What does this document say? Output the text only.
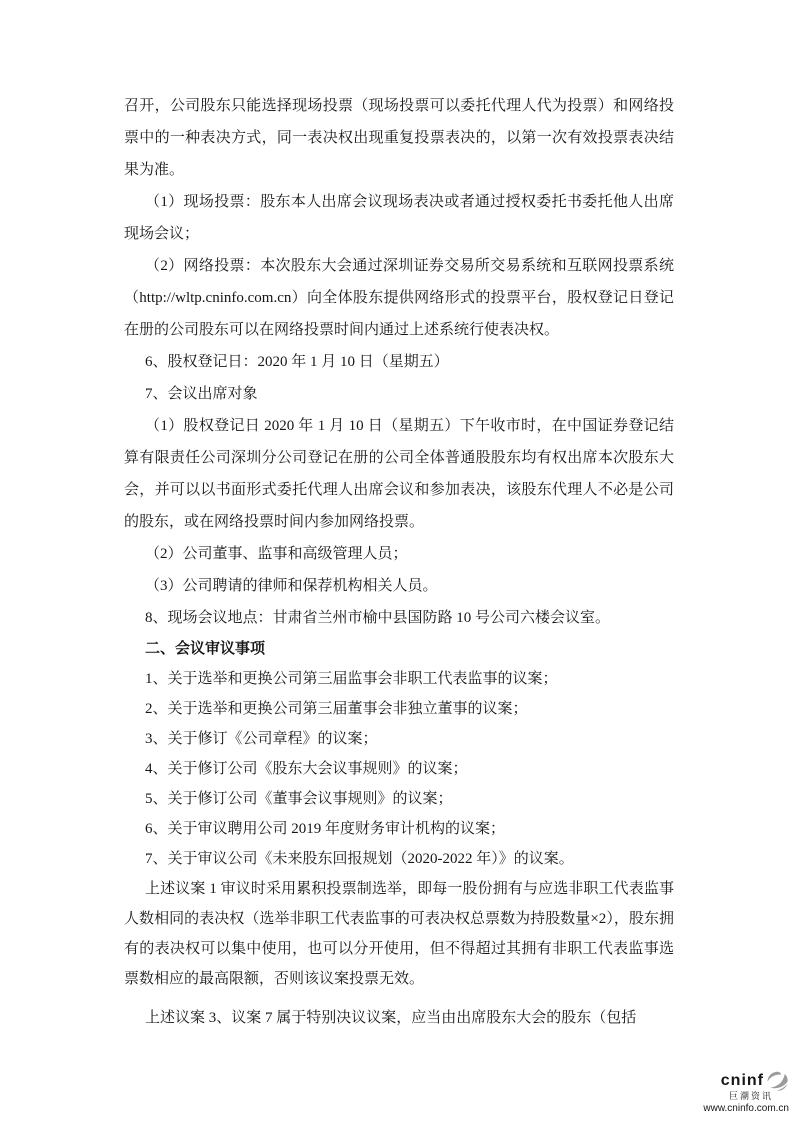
召开，公司股东只能选择现场投票（现场投票可以委托代理人代为投票）和网络投票中的一种表决方式，同一表决权出现重复投票表决的，以第一次有效投票表决结果为准。

（1）现场投票：股东本人出席会议现场表决或者通过授权委托书委托他人出席现场会议；

（2）网络投票：本次股东大会通过深圳证券交易所交易系统和互联网投票系统 （http://wltp.cninfo.com.cn）向全体股东提供网络形式的投票平台，股权登记日登记在册的公司股东可以在网络投票时间内通过上述系统行使表决权。

6、股权登记日：2020 年 1 月 10 日（星期五）

7、会议出席对象

（1）股权登记日 2020 年 1 月 10 日（星期五）下午收市时，在中国证券登记结算有限责任公司深圳分公司登记在册的公司全体普通股股东均有权出席本次股东大会，并可以以书面形式委托代理人出席会议和参加表决，该股东代理人不必是公司的股东，或在网络投票时间内参加网络投票。

（2）公司董事、监事和高级管理人员；

（3）公司聘请的律师和保荐机构相关人员。

8、现场会议地点：甘肃省兰州市榆中县国防路 10 号公司六楼会议室。

二、会议审议事项

1、关于选举和更换公司第三届监事会非职工代表监事的议案；

2、关于选举和更换公司第三届董事会非独立董事的议案；

3、关于修订《公司章程》的议案；

4、关于修订公司《股东大会议事规则》的议案；

5、关于修订公司《董事会议事规则》的议案；

6、关于审议聘用公司 2019 年度财务审计机构的议案；

7、关于审议公司《未来股东回报规划（2020-2022 年）》的议案。

上述议案 1 审议时采用累积投票制选举，即每一股份拥有与应选非职工代表监事人数相同的表决权（选举非职工代表监事的可表决权总票数为持股数量×2），股东拥有的表决权可以集中使用，也可以分开使用，但不得超过其拥有非职工代表监事选票数相应的最高限额，否则该议案投票无效。

上述议案 3、议案 7 属于特别决议议案，应当由出席股东大会的股东（包括

cninf
巨潮资讯
www.cninfo.com.cn
